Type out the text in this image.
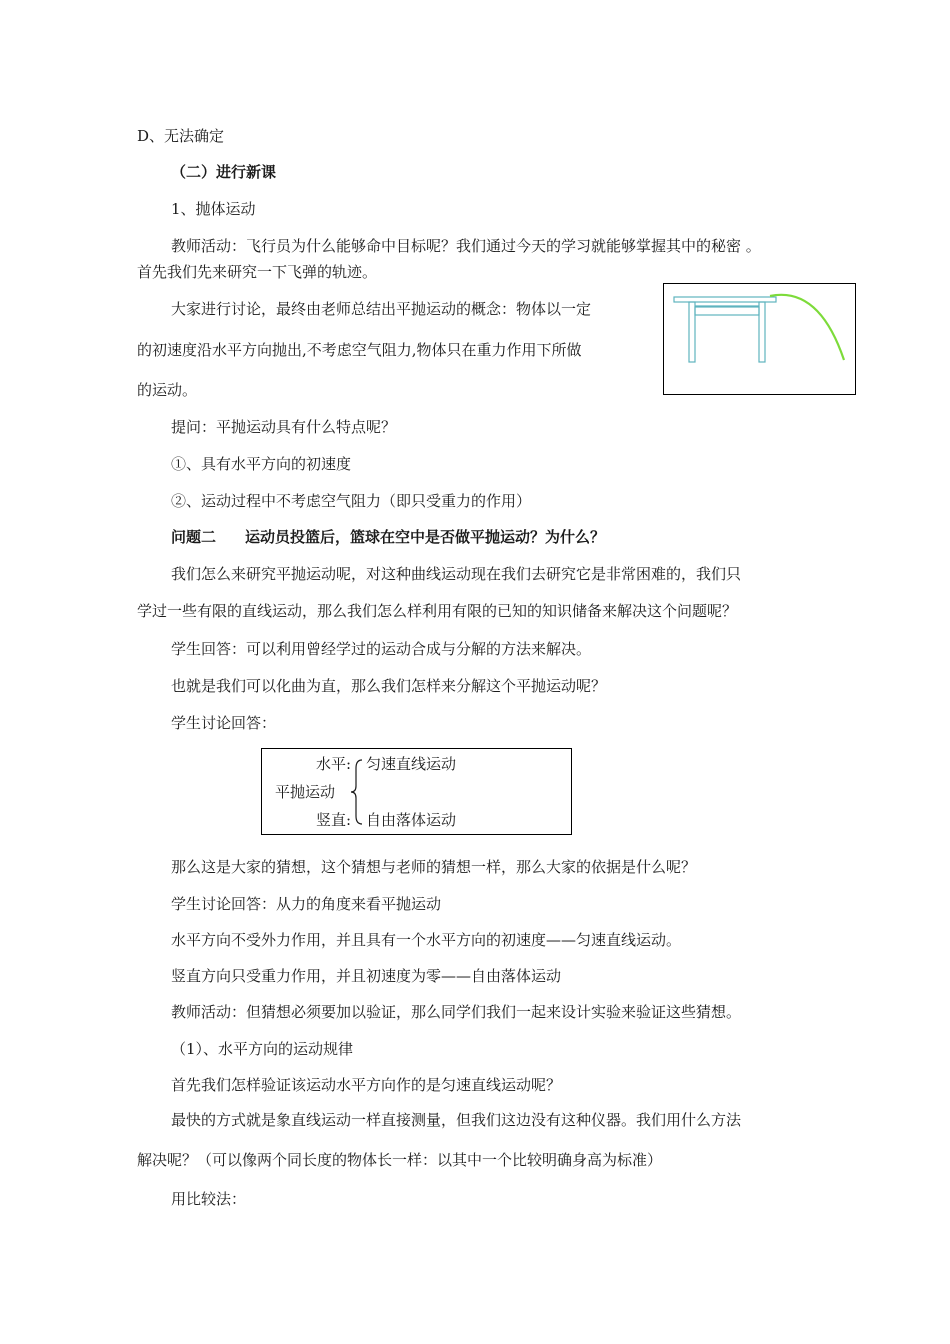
D、无法确定
（二）进行新课
1、抛体运动
教师活动：飞行员为什么能够命中目标呢？我们通过今天的学习就能够掌握其中的秘密 。
首先我们先来研究一下飞弹的轨迹。
大家进行讨论，最终由老师总结出平抛运动的概念：物体以一定
的初速度沿水平方向抛出,不考虑空气阻力,物体只在重力作用下所做
的运动。
提问：平抛运动具有什么特点呢？
①、具有水平方向的初速度
②、运动过程中不考虑空气阻力（即只受重力的作用）
问题二 运动员投篮后，篮球在空中是否做平抛运动？为什么？
我们怎么来研究平抛运动呢，对这种曲线运动现在我们去研究它是非常困难的，我们只
学过一些有限的直线运动，那么我们怎么样利用有限的已知的知识储备来解决这个问题呢？
学生回答：可以利用曾经学过的运动合成与分解的方法来解决。
也就是我们可以化曲为直，那么我们怎样来分解这个平抛运动呢？
学生讨论回答：
水平: 匀速直线运动
平抛运动
竖直: 自由落体运动
那么这是大家的猜想，这个猜想与老师的猜想一样，那么大家的依据是什么呢？
学生讨论回答：从力的角度来看平抛运动
水平方向不受外力作用，并且具有一个水平方向的初速度——匀速直线运动。
竖直方向只受重力作用，并且初速度为零——自由落体运动
教师活动：但猜想必须要加以验证，那么同学们我们一起来设计实验来验证这些猜想。
（1）、水平方向的运动规律
首先我们怎样验证该运动水平方向作的是匀速直线运动呢？
最快的方式就是象直线运动一样直接测量，但我们这边没有这种仪器。我们用什么方法
解决呢？（可以像两个同长度的物体长一样：以其中一个比较明确身高为标准）
用比较法：
